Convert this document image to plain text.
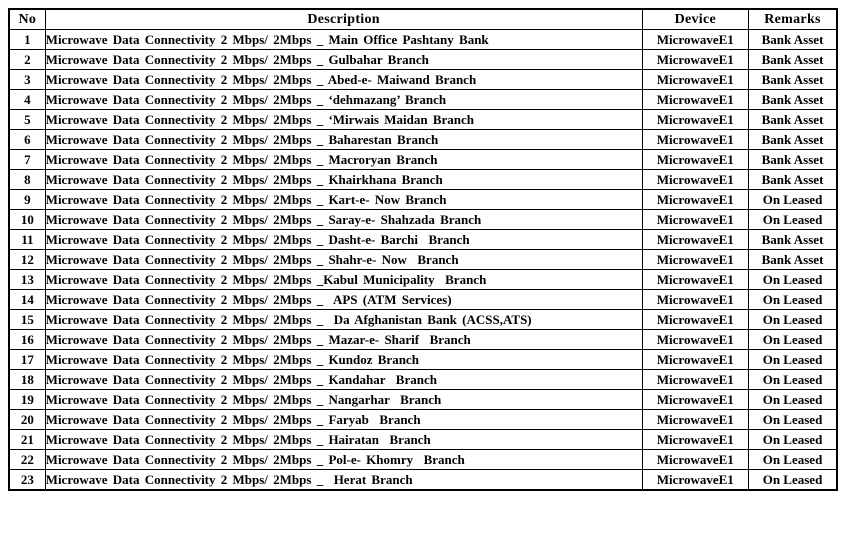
No	Description	Device	Remarks
1	Microwave Data Connectivity 2 Mbps/ 2Mbps _ Main Office Pashtany Bank	MicrowaveE1	Bank Asset
2	Microwave Data Connectivity 2 Mbps/ 2Mbps _ Gulbahar Branch	MicrowaveE1	Bank Asset
3	Microwave Data Connectivity 2 Mbps/ 2Mbps _ Abed-e- Maiwand Branch	MicrowaveE1	Bank Asset
4	Microwave Data Connectivity 2 Mbps/ 2Mbps _ ‘dehmazang’ Branch	MicrowaveE1	Bank Asset
5	Microwave Data Connectivity 2 Mbps/ 2Mbps _ ‘Mirwais Maidan Branch	MicrowaveE1	Bank Asset
6	Microwave Data Connectivity 2 Mbps/ 2Mbps _ Baharestan Branch	MicrowaveE1	Bank Asset
7	Microwave Data Connectivity 2 Mbps/ 2Mbps _ Macroryan Branch	MicrowaveE1	Bank Asset
8	Microwave Data Connectivity 2 Mbps/ 2Mbps _ Khairkhana Branch	MicrowaveE1	Bank Asset
9	Microwave Data Connectivity 2 Mbps/ 2Mbps _ Kart-e- Now Branch	MicrowaveE1	On Leased
10	Microwave Data Connectivity 2 Mbps/ 2Mbps _ Saray-e- Shahzada Branch	MicrowaveE1	On Leased
11	Microwave Data Connectivity 2 Mbps/ 2Mbps _ Dasht-e- Barchi  Branch	MicrowaveE1	Bank Asset
12	Microwave Data Connectivity 2 Mbps/ 2Mbps _ Shahr-e- Now  Branch	MicrowaveE1	Bank Asset
13	Microwave Data Connectivity 2 Mbps/ 2Mbps _Kabul Municipality  Branch	MicrowaveE1	On Leased
14	Microwave Data Connectivity 2 Mbps/ 2Mbps _  APS (ATM Services)	MicrowaveE1	On Leased
15	Microwave Data Connectivity 2 Mbps/ 2Mbps _  Da Afghanistan Bank (ACSS,ATS)	MicrowaveE1	On Leased
16	Microwave Data Connectivity 2 Mbps/ 2Mbps _ Mazar-e- Sharif  Branch	MicrowaveE1	On Leased
17	Microwave Data Connectivity 2 Mbps/ 2Mbps _ Kundoz Branch	MicrowaveE1	On Leased
18	Microwave Data Connectivity 2 Mbps/ 2Mbps _ Kandahar  Branch	MicrowaveE1	On Leased
19	Microwave Data Connectivity 2 Mbps/ 2Mbps _ Nangarhar  Branch	MicrowaveE1	On Leased
20	Microwave Data Connectivity 2 Mbps/ 2Mbps _ Faryab  Branch	MicrowaveE1	On Leased
21	Microwave Data Connectivity 2 Mbps/ 2Mbps _ Hairatan  Branch	MicrowaveE1	On Leased
22	Microwave Data Connectivity 2 Mbps/ 2Mbps _ Pol-e- Khomry  Branch	MicrowaveE1	On Leased
23	Microwave Data Connectivity 2 Mbps/ 2Mbps _  Herat Branch	MicrowaveE1	On Leased
